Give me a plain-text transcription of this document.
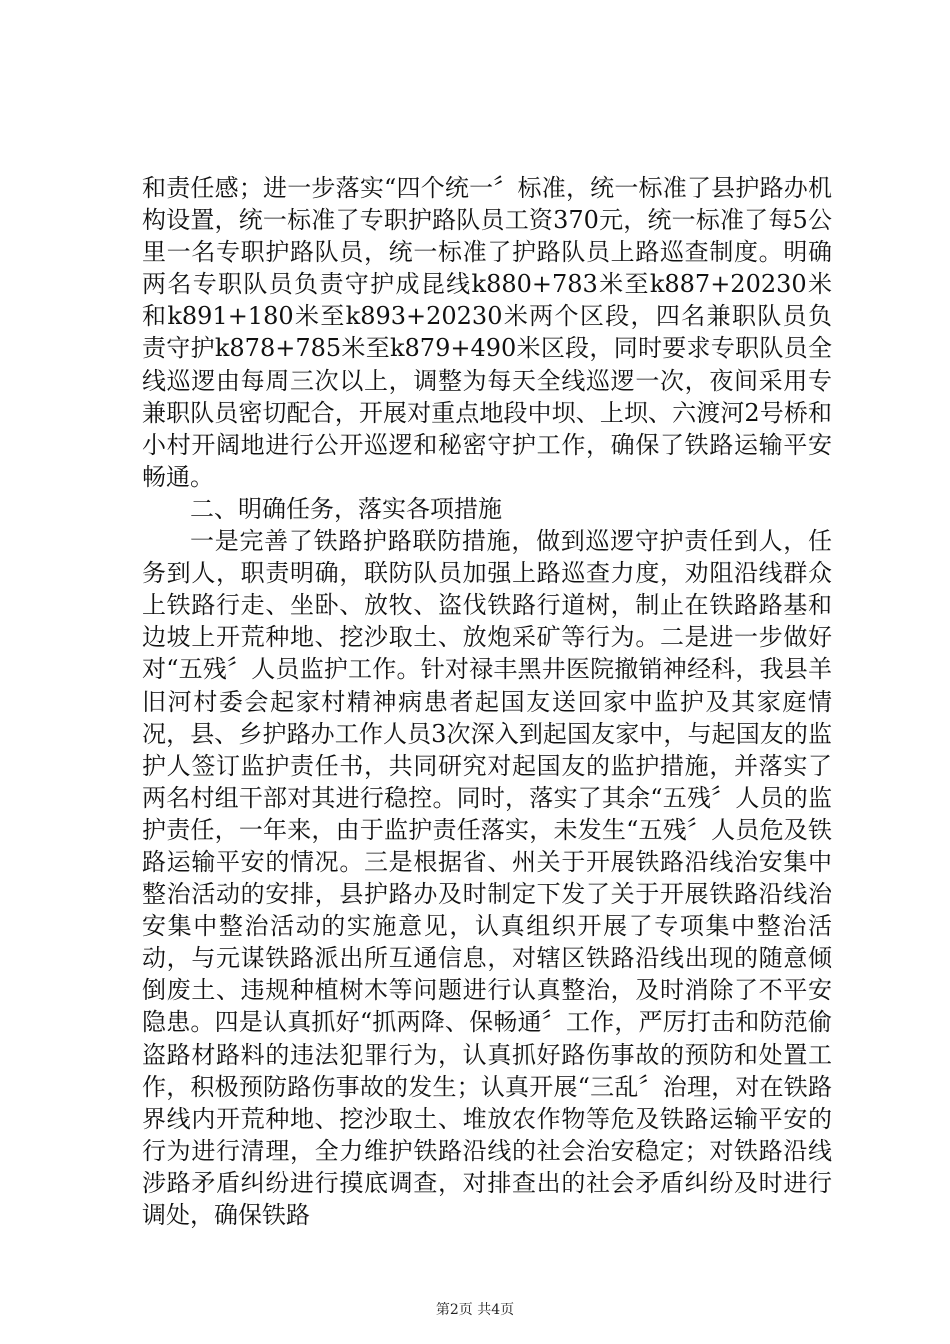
和责任感；进一步落实“四个统一〞标准，统一标准了县护路办机构设置，统一标准了专职护路队员工资370元，统一标准了每5公里一名专职护路队员，统一标准了护路队员上路巡查制度。明确两名专职队员负责守护成昆线k880+783米至k887+20230米和k891+180米至k893+20230米两个区段，四名兼职队员负责守护k878+785米至k879+490米区段，同时要求专职队员全线巡逻由每周三次以上，调整为每天全线巡逻一次，夜间采用专兼职队员密切配合，开展对重点地段中坝、上坝、六渡河2号桥和小村开阔地进行公开巡逻和秘密守护工作，确保了铁路运输平安畅通。

二、明确任务，落实各项措施

一是完善了铁路护路联防措施，做到巡逻守护责任到人，任务到人，职责明确，联防队员加强上路巡查力度，劝阻沿线群众上铁路行走、坐卧、放牧、盗伐铁路行道树，制止在铁路路基和边坡上开荒种地、挖沙取土、放炮采矿等行为。二是进一步做好对“五残〞人员监护工作。针对禄丰黑井医院撤销神经科，我县羊旧河村委会起家村精神病患者起国友送回家中监护及其家庭情况，县、乡护路办工作人员3次深入到起国友家中，与起国友的监护人签订监护责任书，共同研究对起国友的监护措施，并落实了两名村组干部对其进行稳控。同时，落实了其余“五残〞人员的监护责任，一年来，由于监护责任落实，未发生“五残〞人员危及铁路运输平安的情况。三是根据省、州关于开展铁路沿线治安集中整治活动的安排，县护路办及时制定下发了关于开展铁路沿线治安集中整治活动的实施意见，认真组织开展了专项集中整治活动，与元谋铁路派出所互通信息，对辖区铁路沿线出现的随意倾倒废土、违规种植树木等问题进行认真整治，及时消除了不平安隐患。四是认真抓好“抓两降、保畅通〞工作，严厉打击和防范偷盗路材路料的违法犯罪行为，认真抓好路伤事故的预防和处置工作，积极预防路伤事故的发生；认真开展“三乱〞治理，对在铁路界线内开荒种地、挖沙取土、堆放农作物等危及铁路运输平安的行为进行清理，全力维护铁路沿线的社会治安稳定；对铁路沿线涉路矛盾纠纷进行摸底调查，对排查出的社会矛盾纠纷及时进行调处，确保铁路

第2页 共4页
